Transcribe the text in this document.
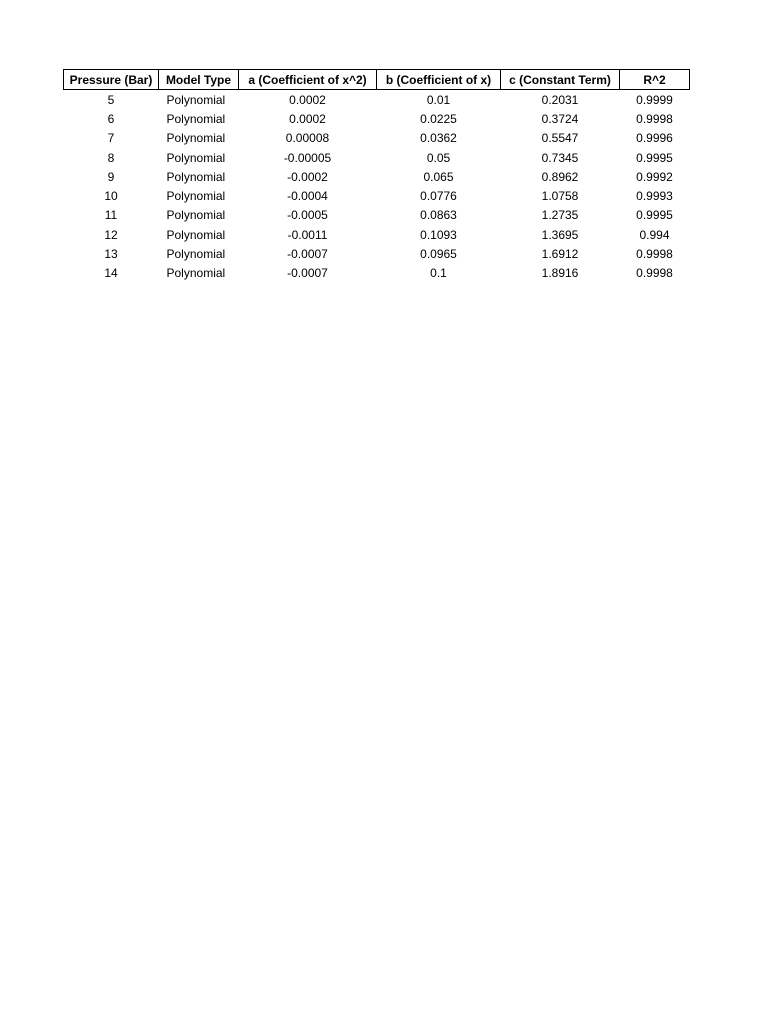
Pressure (Bar)	Model Type	a (Coefficient of x^2)	b (Coefficient of x)	c (Constant Term)	R^2
5	Polynomial	0.0002	0.01	0.2031	0.9999
6	Polynomial	0.0002	0.0225	0.3724	0.9998
7	Polynomial	0.00008	0.0362	0.5547	0.9996
8	Polynomial	-0.00005	0.05	0.7345	0.9995
9	Polynomial	-0.0002	0.065	0.8962	0.9992
10	Polynomial	-0.0004	0.0776	1.0758	0.9993
11	Polynomial	-0.0005	0.0863	1.2735	0.9995
12	Polynomial	-0.0011	0.1093	1.3695	0.994
13	Polynomial	-0.0007	0.0965	1.6912	0.9998
14	Polynomial	-0.0007	0.1	1.8916	0.9998
